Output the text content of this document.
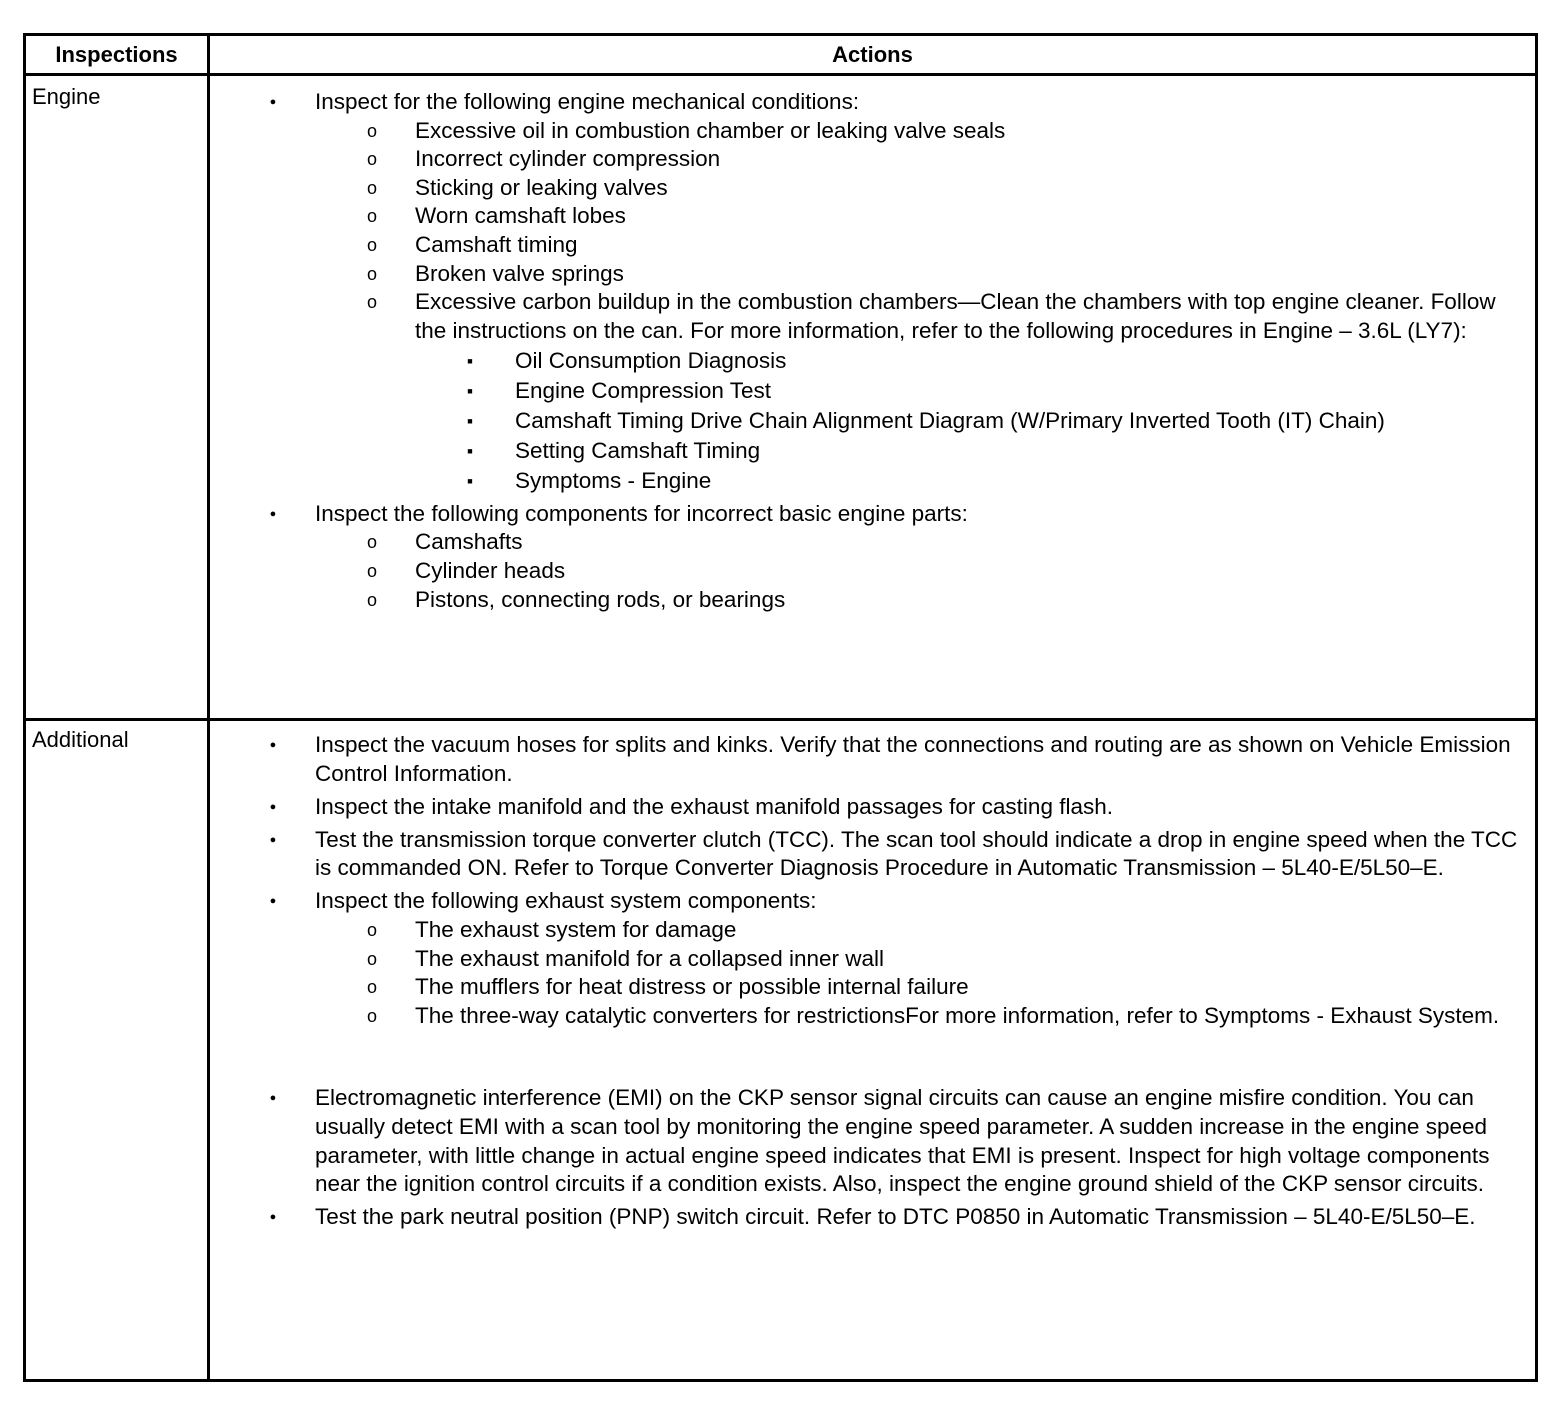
Inspections	Actions
Engine ●	Inspect for the following engine mechanical conditions:
o
Excessive oil in combustion chamber or leaking valve seals
o
Incorrect cylinder compression
o
Sticking or leaking valves
o
Worn camshaft lobes
o
Camshaft timing
o
Broken valve springs
o
Excessive carbon buildup in the combustion chambers—Clean the chambers with top engine cleaner. Follow the instructions on the can. For more information, refer to the following procedures in Engine – 3.6L (LY7):
■
Oil Consumption Diagnosis
■
Engine Compression Test
■
Camshaft Timing Drive Chain Alignment Diagram (W/Primary Inverted Tooth (IT) Chain)
■
Setting Camshaft Timing
■
Symptoms - Engine
●
Inspect the following components for incorrect basic engine parts:
o
Camshafts
o
Cylinder heads
o
Pistons, connecting rods, or bearings
Additional ●	Inspect the vacuum hoses for splits and kinks. Verify that the connections and routing are as shown on Vehicle Emission Control Information.
●
Inspect the intake manifold and the exhaust manifold passages for casting flash.
●
Test the transmission torque converter clutch (TCC). The scan tool should indicate a drop in engine speed when the TCC is commanded ON. Refer to Torque Converter Diagnosis Procedure in Automatic Transmission – 5L40-E/5L50–E.
●
Inspect the following exhaust system components:
o
The exhaust system for damage
o
The exhaust manifold for a collapsed inner wall
o
The mufflers for heat distress or possible internal failure
o
The three-way catalytic converters for restrictionsFor more information, refer to Symptoms - Exhaust System.
●
Electromagnetic interference (EMI) on the CKP sensor signal circuits can cause an engine misfire condition. You can usually detect EMI with a scan tool by monitoring the engine speed parameter. A sudden increase in the engine speed parameter, with little change in actual engine speed indicates that EMI is present. Inspect for high voltage components near the ignition control circuits if a condition exists. Also, inspect the engine ground shield of the CKP sensor circuits.
●
Test the park neutral position (PNP) switch circuit. Refer to DTC P0850 in Automatic Transmission – 5L40-E/5L50–E.
